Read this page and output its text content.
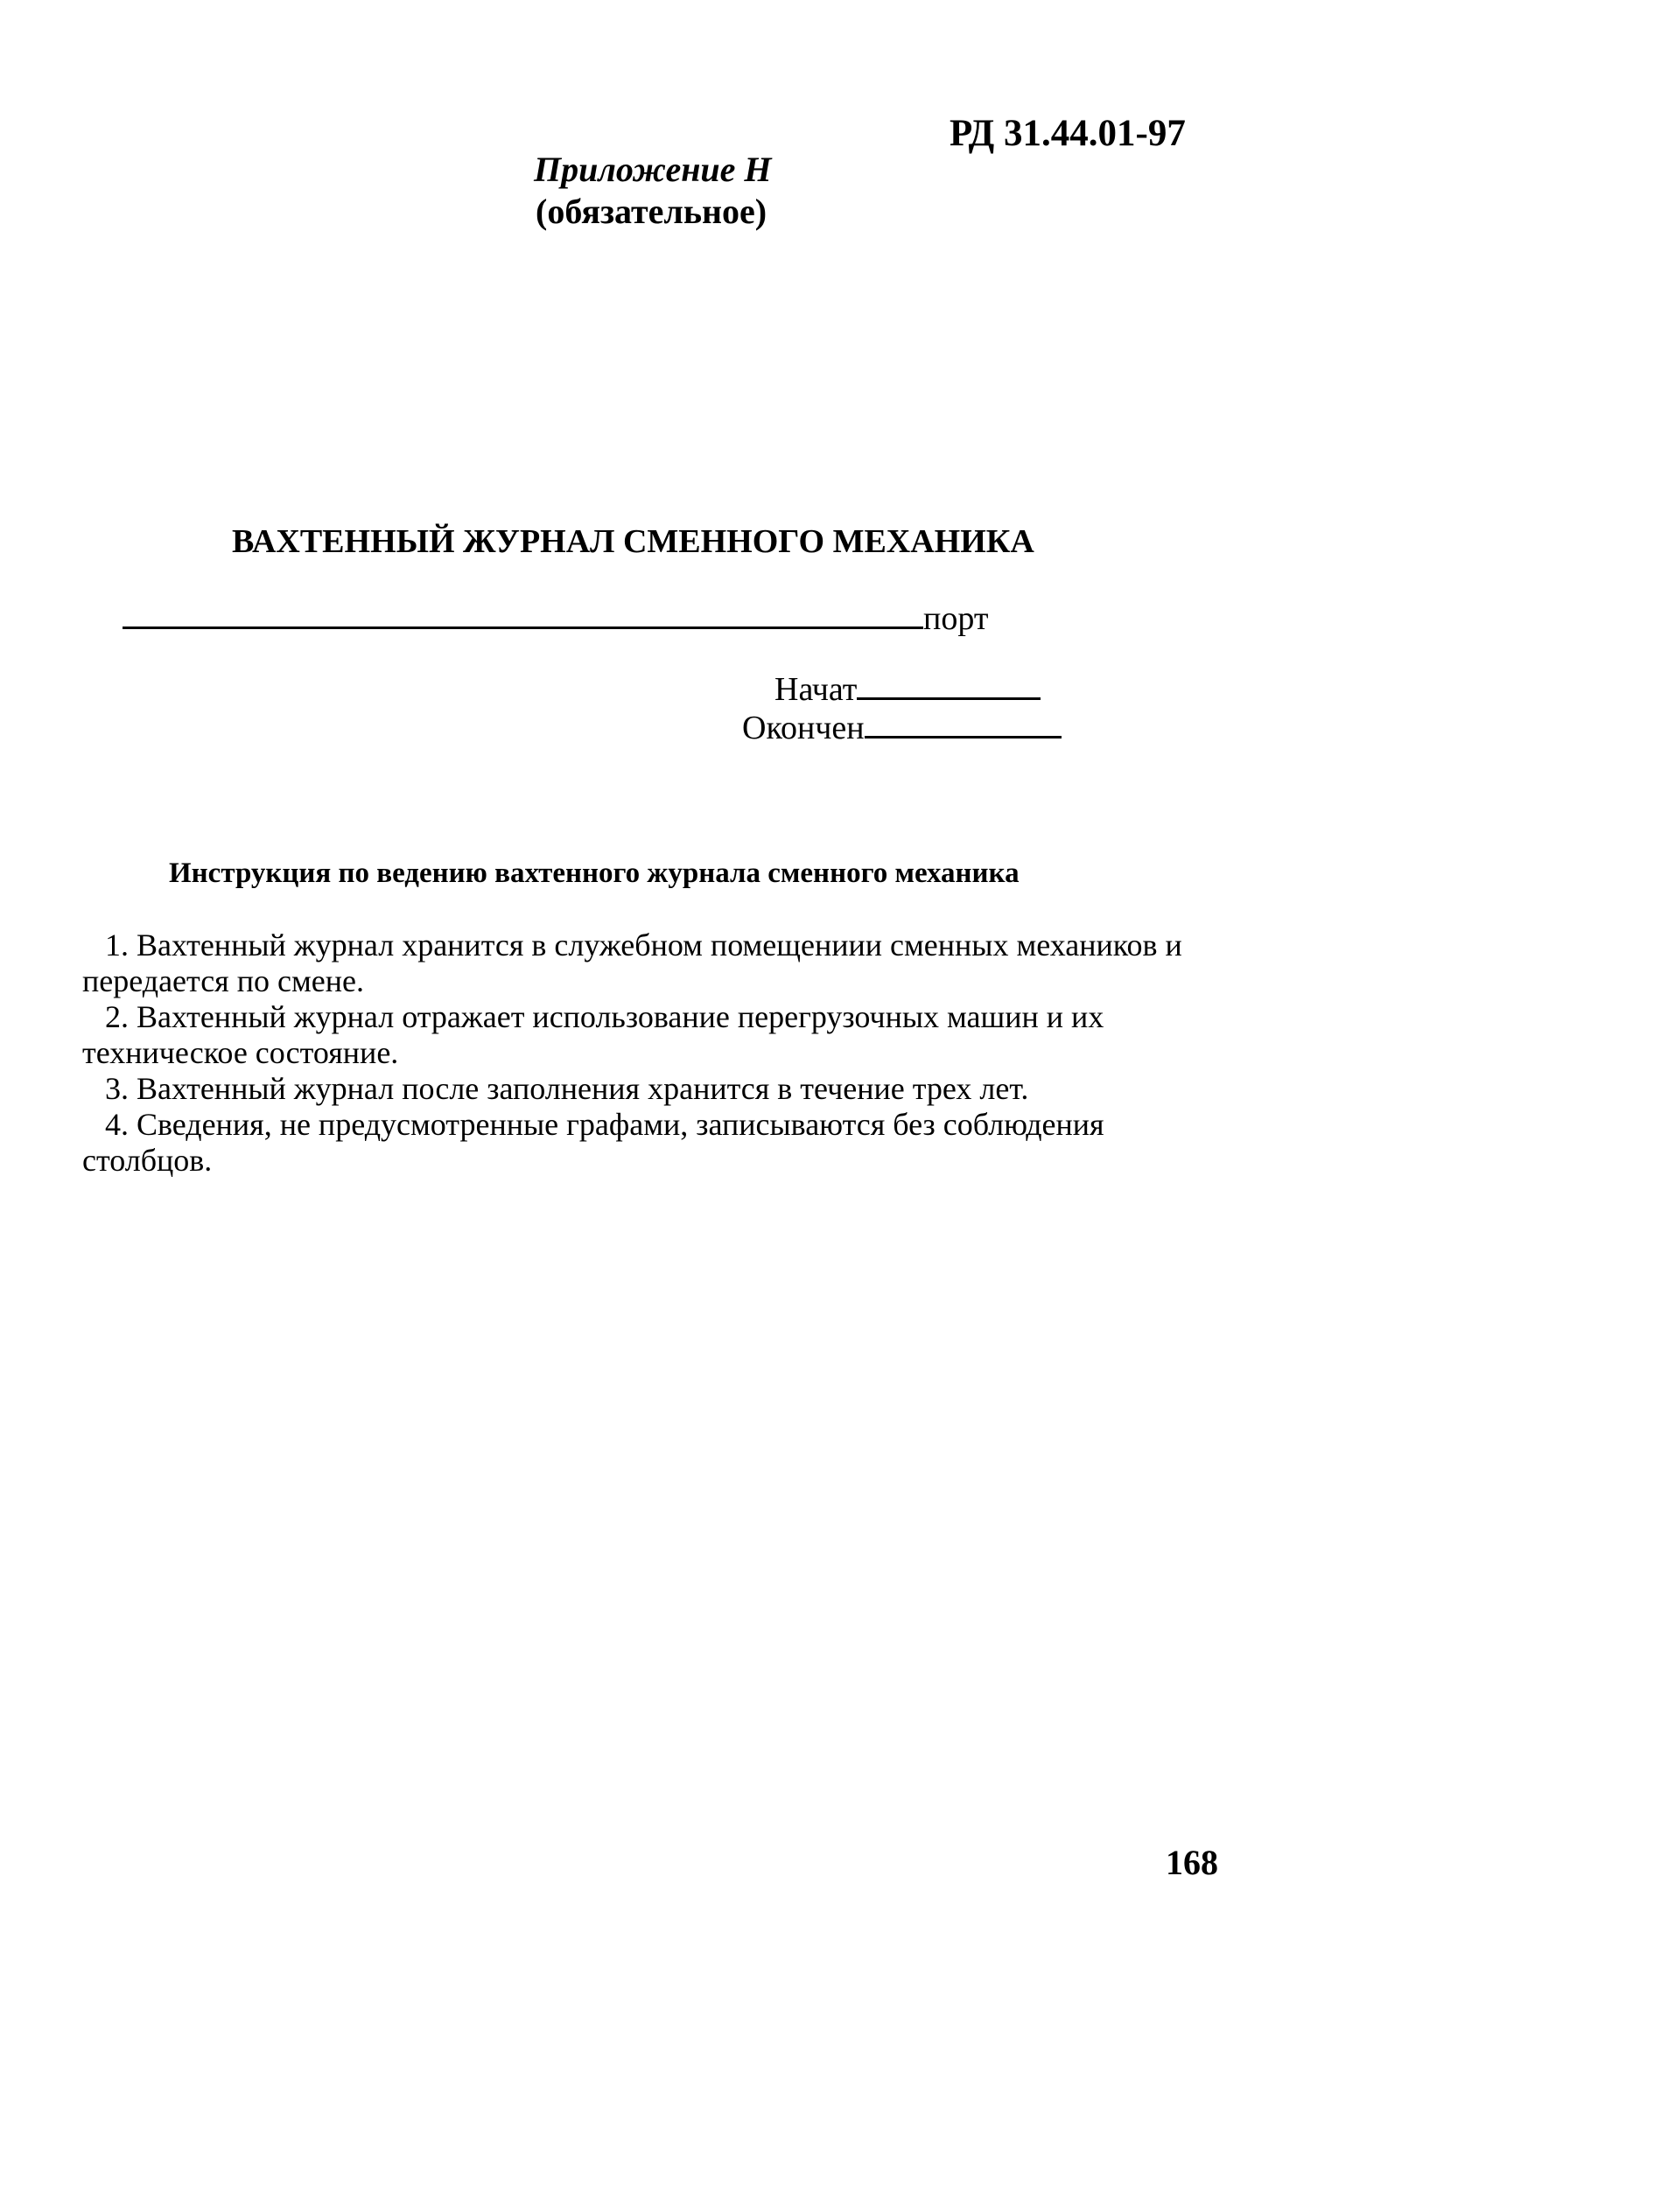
РД 31.44.01-97
Приложение Н
(обязательное)
ВАХТЕННЫЙ ЖУРНАЛ СМЕННОГО МЕХАНИКА
порт
Начат
Окончен
Инструкция по ведению вахтенного журнала сменного механика

1. Вахтенный журнал хранится в служебном помещениии сменных механиков и передается по смене.

2. Вахтенный журнал отражает использование перегрузочных машин и их техническое состояние.

3. Вахтенный журнал после заполнения хранится в течение трех лет.

4. Сведения, не предусмотренные графами, записываются без соблюдения столбцов.

168
